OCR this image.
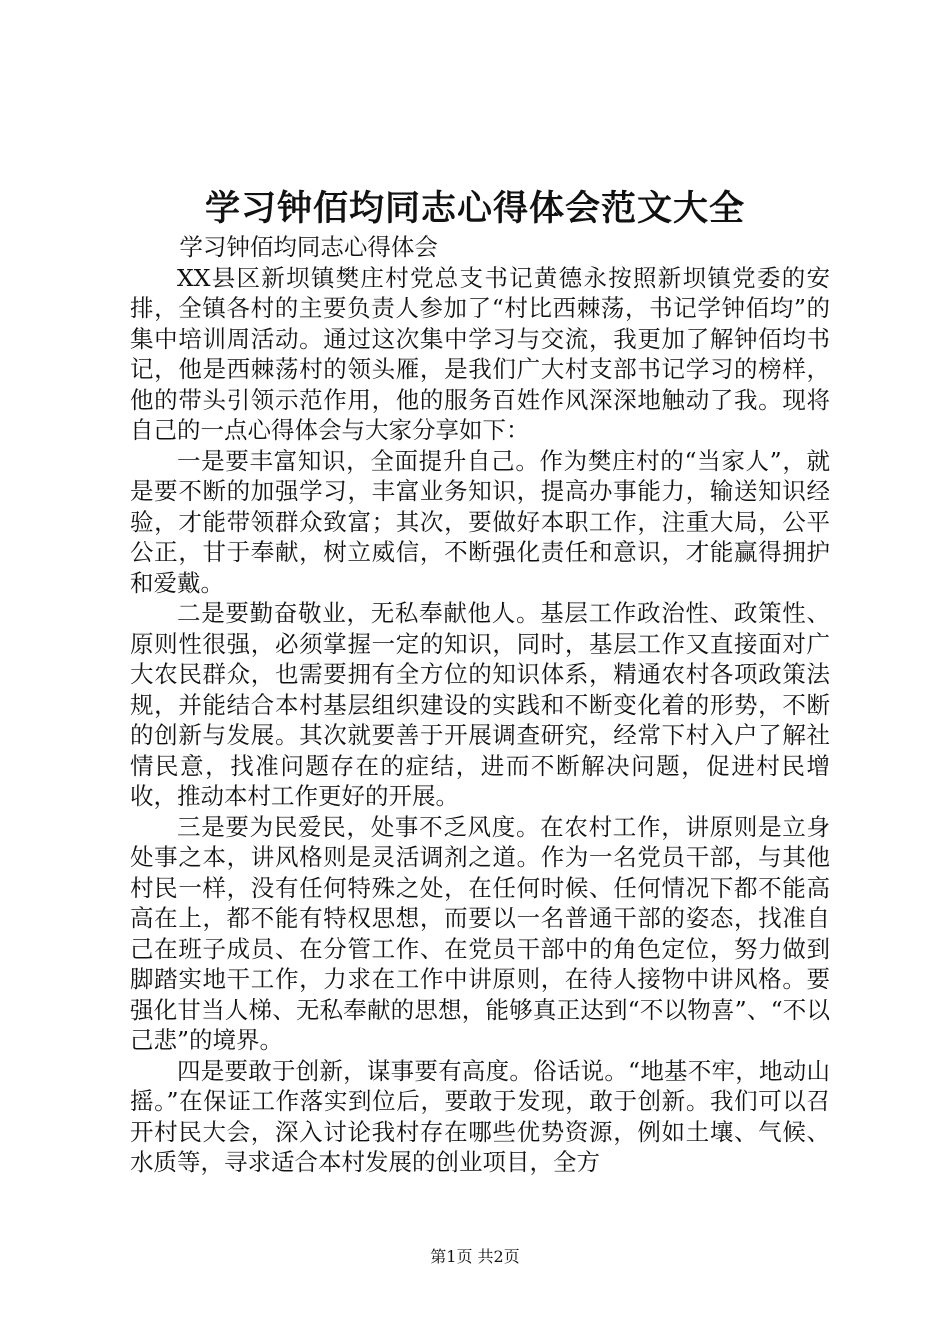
学习钟佰均同志心得体会范文大全

学习钟佰均同志心得体会

XX县区新坝镇樊庄村党总支书记黄德永按照新坝镇党委的安排，全镇各村的主要负责人参加了“村比西棘荡，书记学钟佰均”的集中培训周活动。通过这次集中学习与交流，我更加了解钟佰均书记，他是西棘荡村的领头雁，是我们广大村支部书记学习的榜样，他的带头引领示范作用，他的服务百姓作风深深地触动了我。现将自己的一点心得体会与大家分享如下：

一是要丰富知识，全面提升自己。作为樊庄村的“当家人”，就是要不断的加强学习，丰富业务知识，提高办事能力，输送知识经验，才能带领群众致富；其次，要做好本职工作，注重大局，公平公正，甘于奉献，树立威信，不断强化责任和意识，才能赢得拥护和爱戴。

二是要勤奋敬业，无私奉献他人。基层工作政治性、政策性、原则性很强，必须掌握一定的知识，同时，基层工作又直接面对广大农民群众，也需要拥有全方位的知识体系，精通农村各项政策法规，并能结合本村基层组织建设的实践和不断变化着的形势，不断的创新与发展。其次就要善于开展调查研究，经常下村入户了解社情民意，找准问题存在的症结，进而不断解决问题，促进村民增收，推动本村工作更好的开展。

三是要为民爱民，处事不乏风度。在农村工作，讲原则是立身处事之本，讲风格则是灵活调剂之道。作为一名党员干部，与其他村民一样，没有任何特殊之处，在任何时候、任何情况下都不能高高在上，都不能有特权思想，而要以一名普通干部的姿态，找准自己在班子成员、在分管工作、在党员干部中的角色定位，努力做到脚踏实地干工作，力求在工作中讲原则，在待人接物中讲风格。要强化甘当人梯、无私奉献的思想，能够真正达到“不以物喜”、“不以己悲”的境界。

四是要敢于创新，谋事要有高度。俗话说。“地基不牢，地动山摇。”在保证工作落实到位后，要敢于发现，敢于创新。我们可以召开村民大会，深入讨论我村存在哪些优势资源，例如土壤、气候、水质等，寻求适合本村发展的创业项目，全方

第1页 共2页
